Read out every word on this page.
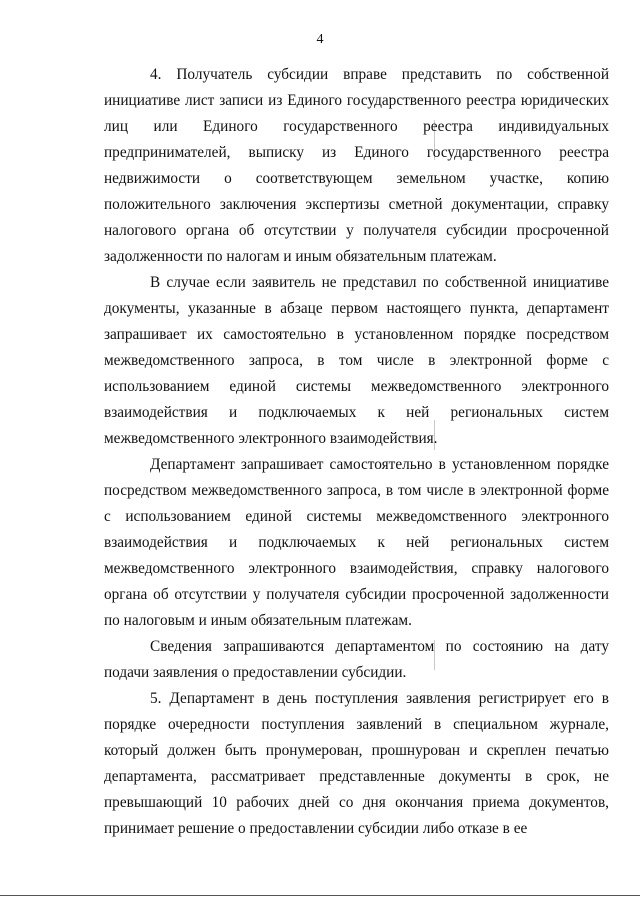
4

4. Получатель субсидии вправе представить по собственной инициативе лист записи из Единого государственного реестра юридических лиц или Единого государственного реестра индивидуальных предпринимателей, выписку из Единого государственного реестра недвижимости о соответствующем земельном участке, копию положительного заключения экспертизы сметной документации, справку налогового органа об отсутствии у получателя субсидии просроченной задолженности по налогам и иным обязательным платежам.

В случае если заявитель не представил по собственной инициативе документы, указанные в абзаце первом настоящего пункта, департамент запрашивает их самостоятельно в установленном порядке посредством межведомственного запроса, в том числе в электронной форме с использованием единой системы межведомственного электронного взаимодействия и подключаемых к ней региональных систем межведомственного электронного взаимодействия.

Департамент запрашивает самостоятельно в установленном порядке посредством межведомственного запроса, в том числе в электронной форме с использованием единой системы межведомственного электронного взаимодействия и подключаемых к ней региональных систем межведомственного электронного взаимодействия, справку налогового органа об отсутствии у получателя субсидии просроченной задолженности по налоговым и иным обязательным платежам.

Сведения запрашиваются департаментом по состоянию на дату подачи заявления о предоставлении субсидии.

5. Департамент в день поступления заявления регистрирует его в порядке очередности поступления заявлений в специальном журнале, который должен быть пронумерован, прошнурован и скреплен печатью департамента, рассматривает представленные документы в срок, не превышающий 10 рабочих дней со дня окончания приема документов, принимает решение о предоставлении субсидии либо отказе в ее
